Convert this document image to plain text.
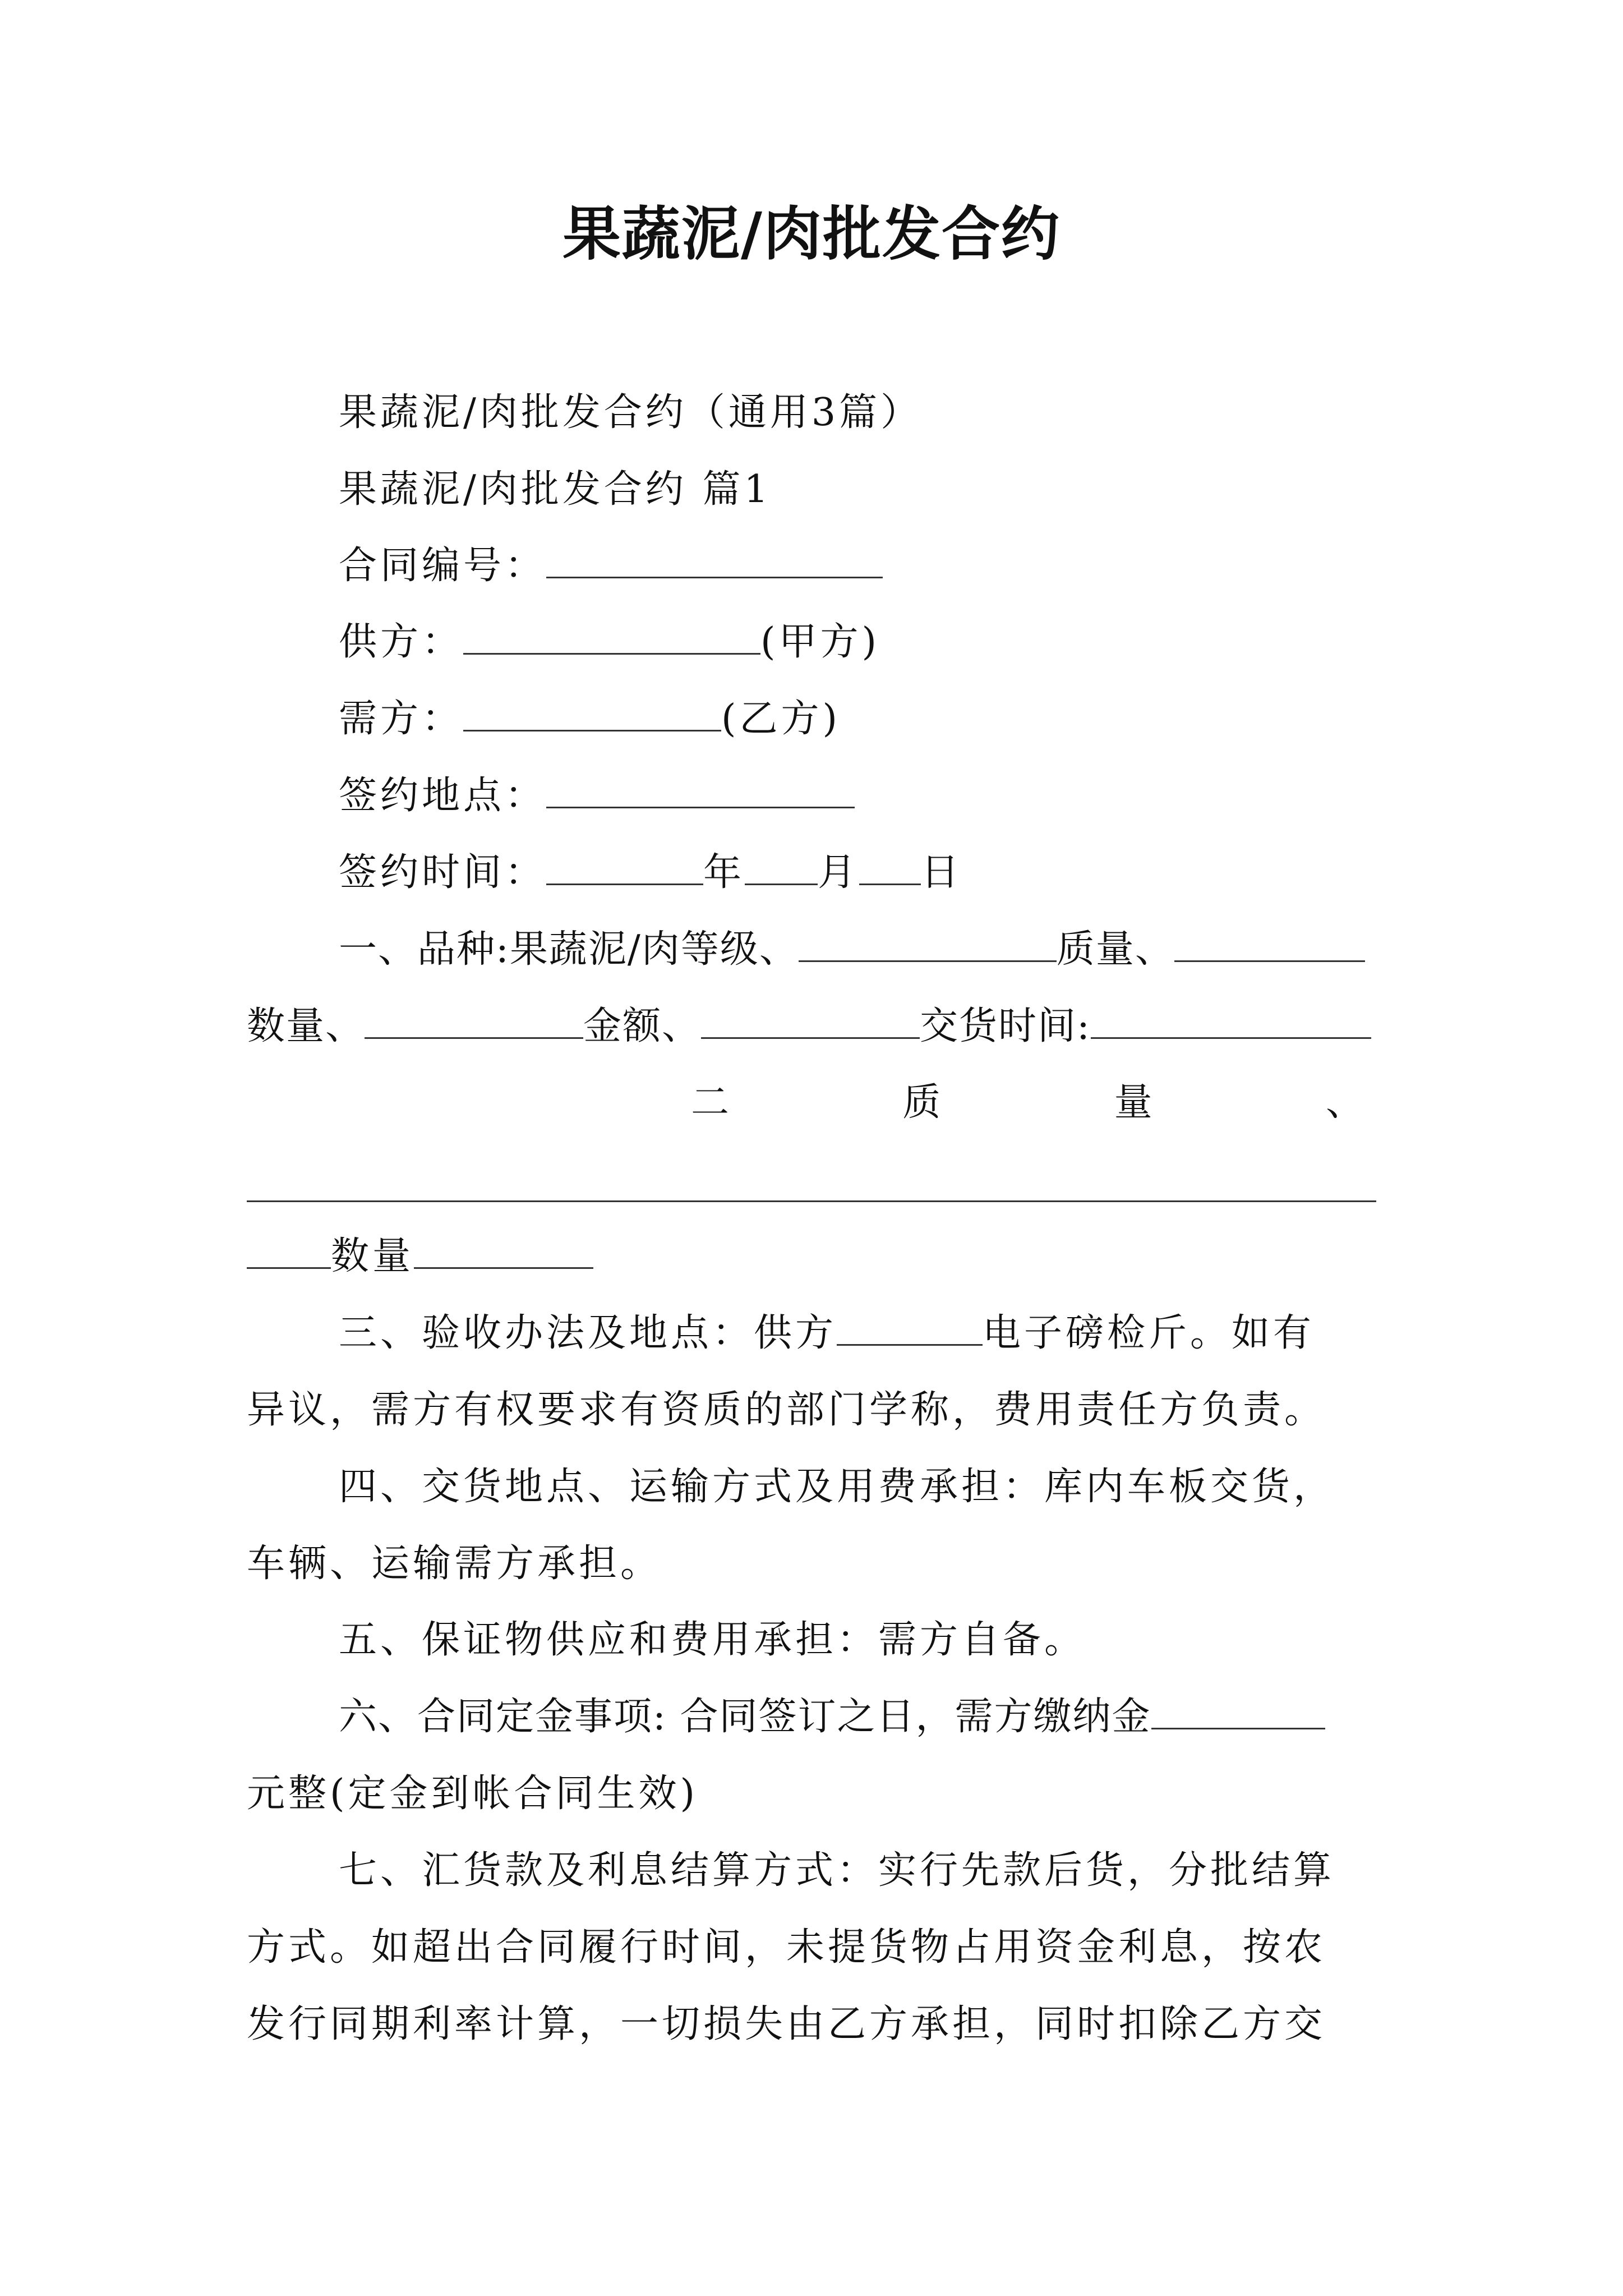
果蔬泥/肉批发合约
果蔬泥/肉批发合约（通用3篇）
果蔬泥/肉批发合约 篇1
合同编号：
供方：	(甲方)
需方：	(乙方)
签约地点：
签约时间：	年 月 日
一、品种:果蔬泥/肉等级、	质量、
数量、	金额、	交货时间:
二	质	量	、
数量
三、验收办法及地点：供方	电子磅检斤。如有
异议，需方有权要求有资质的部门学称，费用责任方负责。
四、交货地点、运输方式及用费承担：库内车板交货，
车辆、运输需方承担。
五、保证物供应和费用承担：需方自备。
六、合同定金事项: 合同签订之日，需方缴纳金
元整(定金到帐合同生效)
七、汇货款及利息结算方式：实行先款后货，分批结算
方式。如超出合同履行时间，未提货物占用资金利息，按农
发行同期利率计算，一切损失由乙方承担，同时扣除乙方交
